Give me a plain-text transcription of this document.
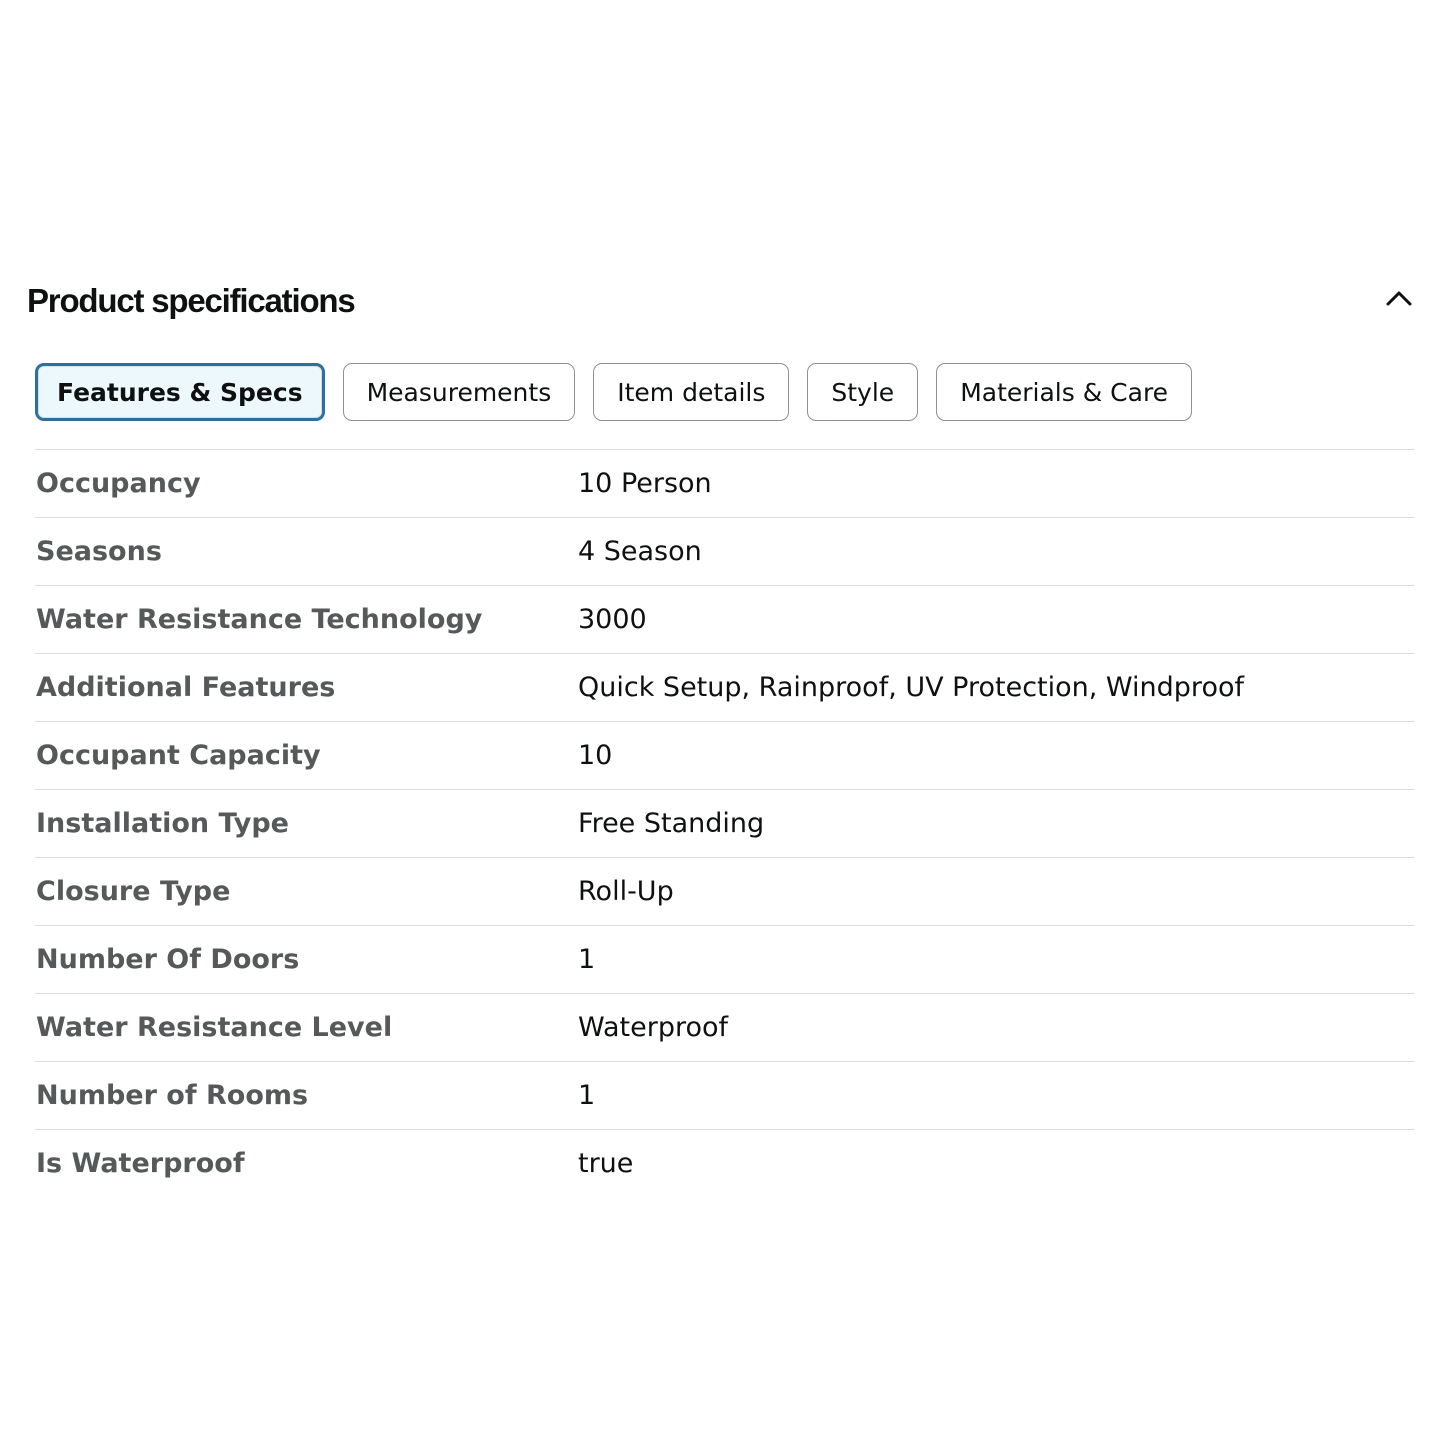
Product specifications
Features & Specs	Measurements	Item details	Style	Materials & Care
Occupancy	10 Person
Seasons	4 Season
Water Resistance Technology	3000
Additional Features	Quick Setup, Rainproof, UV Protection, Windproof
Occupant Capacity	10
Installation Type	Free Standing
Closure Type	Roll-Up
Number Of Doors	1
Water Resistance Level	Waterproof
Number of Rooms	1
Is Waterproof	true
